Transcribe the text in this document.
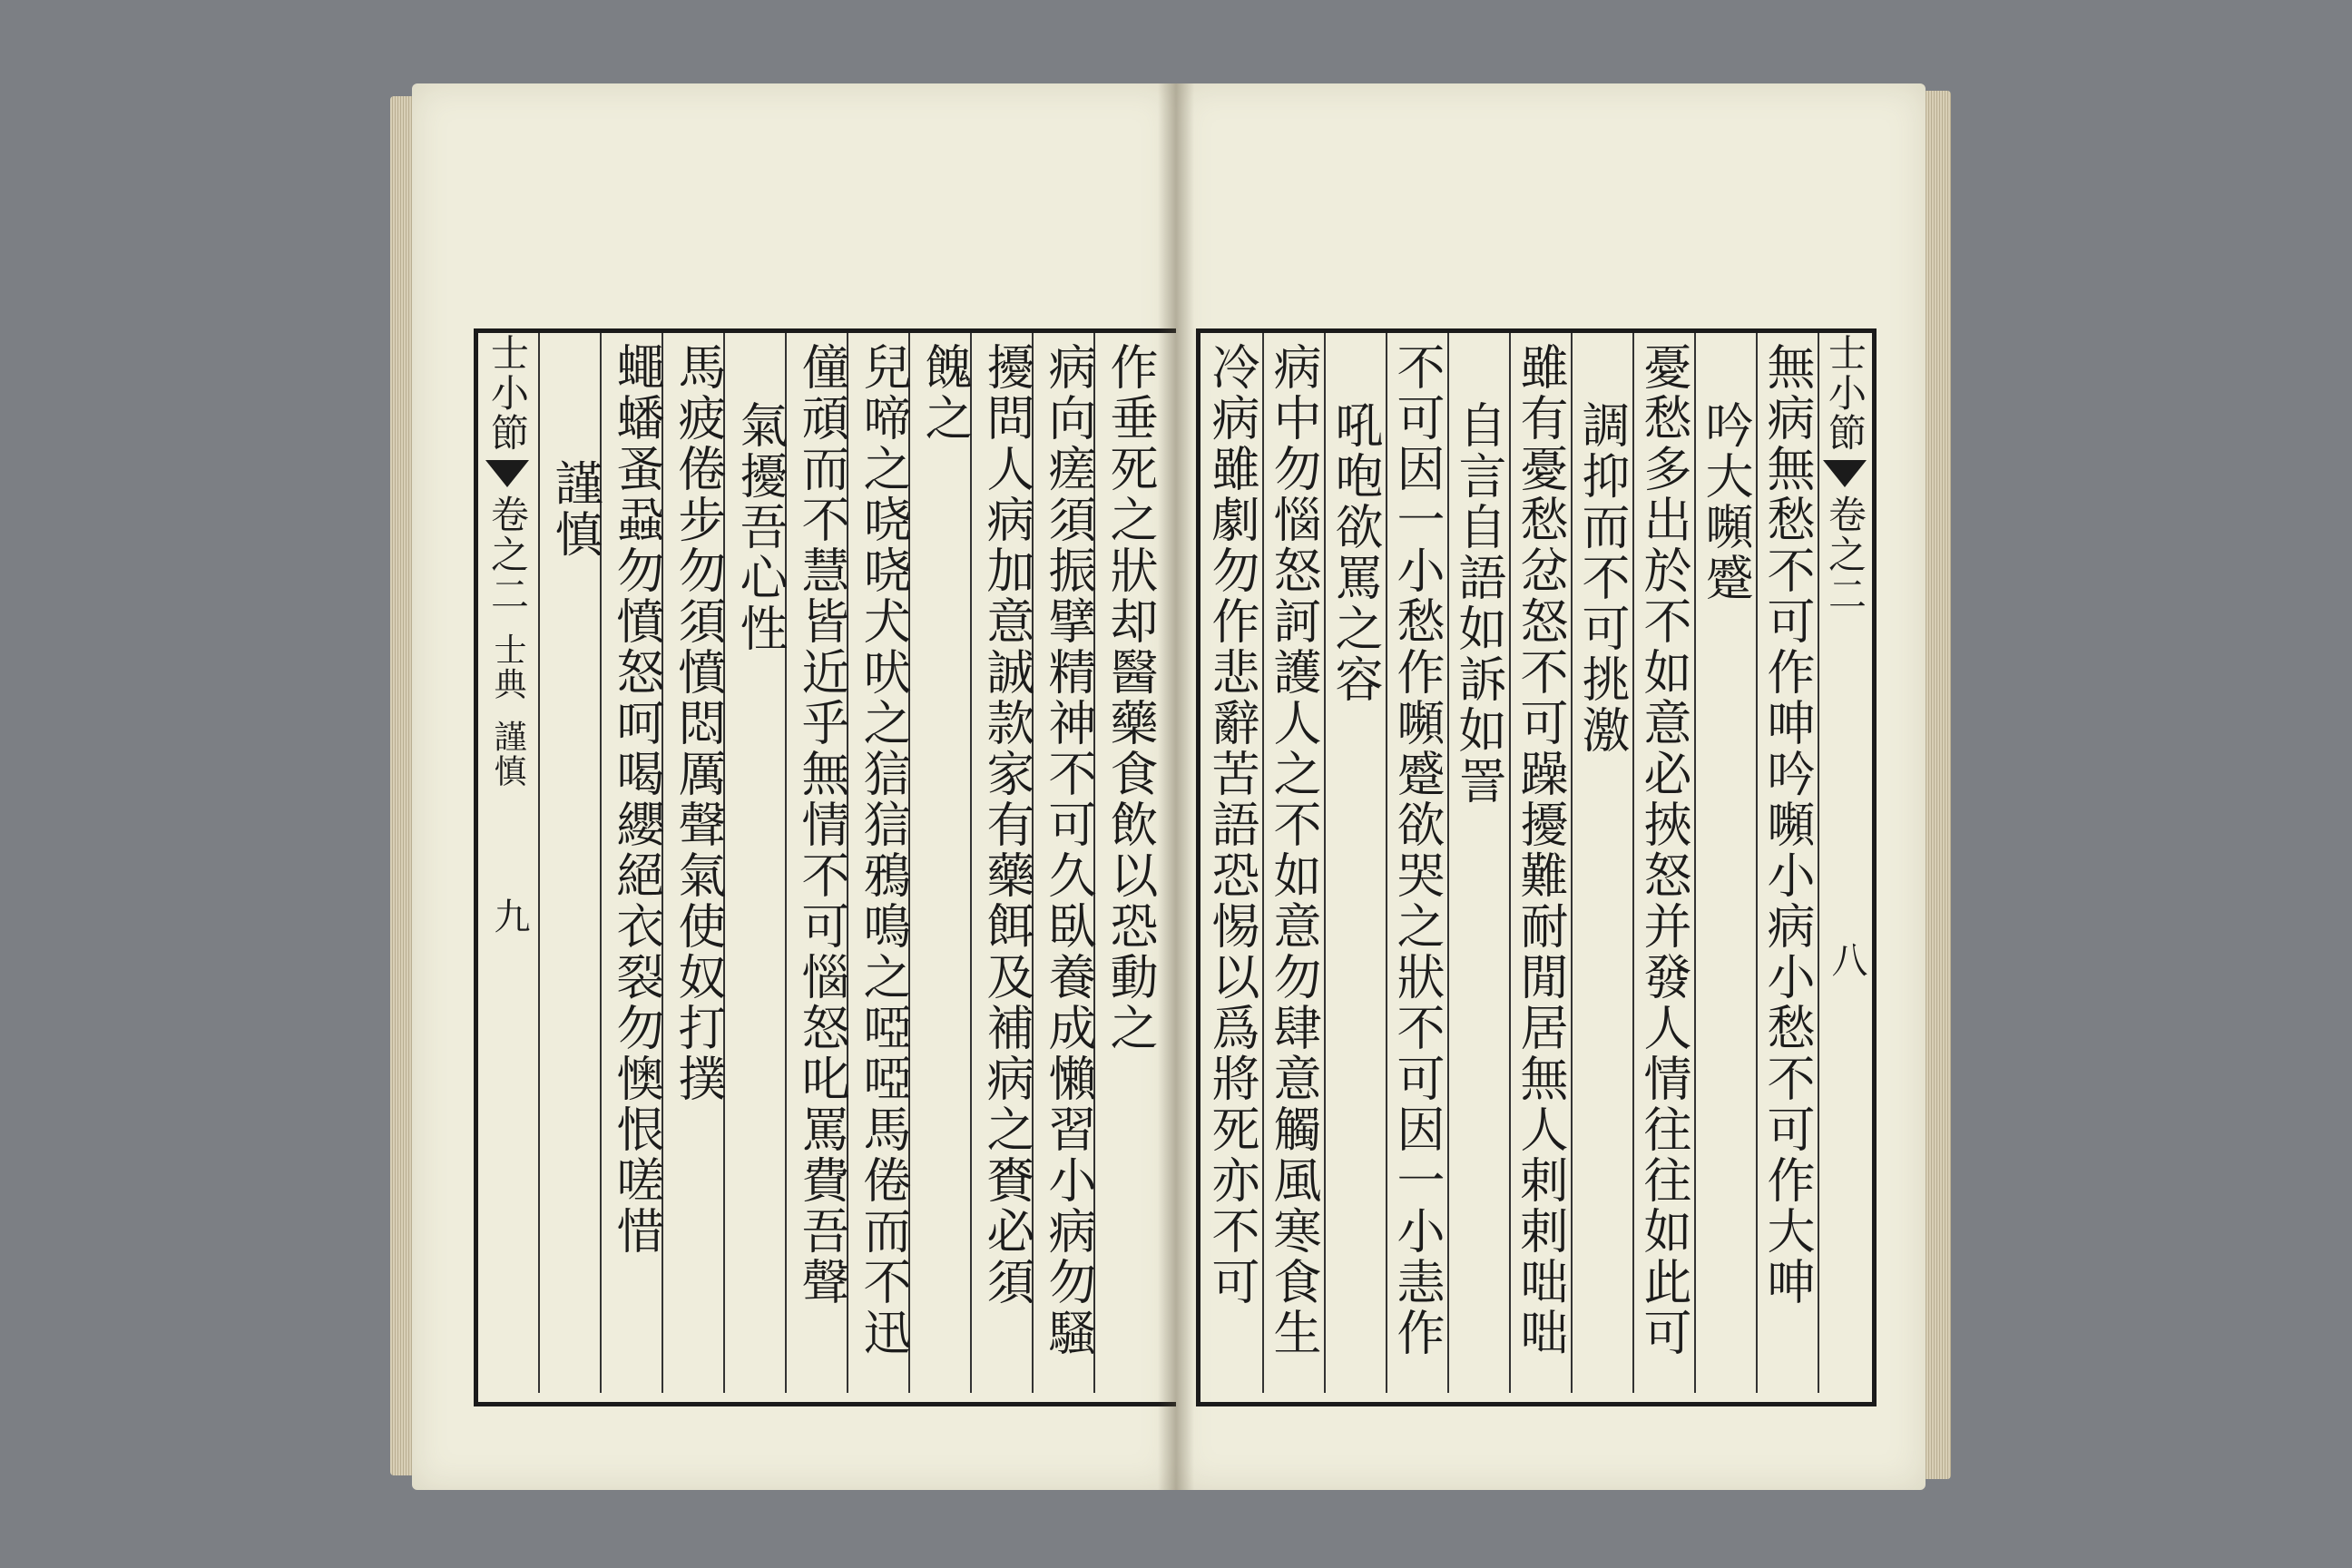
士小節
卷之二
士典
謹慎
九	作垂死之狀却醫藥食飲以恐動之
病向瘥須振擘精神不可久臥養成懶習小病勿騷
擾問人病加意誠款家有藥餌及補病之賚必須
餽之
兒啼之哓哓犬吠之狺狺鴉鳴之啞啞馬倦而不迅
僮頑而不慧皆近乎無情不可惱怒叱罵費吾聲
氣擾吾心性
馬疲倦步勿須憤悶厲聲氣使奴打撲
蠅蟠蚤蝨勿憤怒呵喝纓絕衣裂勿懊恨嗟惜
謹慎	無病無愁不可作呻吟嚬小病小愁不可作大呻
吟大嚬蹙
憂愁多出於不如意必挾怒并發人情往往如此可
調抑而不可挑激
雖有憂愁忿怒不可躁擾難耐閒居無人剌剌咄咄
自言自語如訴如詈
不可因一小愁作嚬蹙欲哭之狀不可因一小恚作
吼咆欲罵之容
病中勿惱怒訶護人之不如意勿肆意觸風寒食生
冷病雖劇勿作悲辭苦語恐惕以爲將死亦不可	士小節
卷之二
八
